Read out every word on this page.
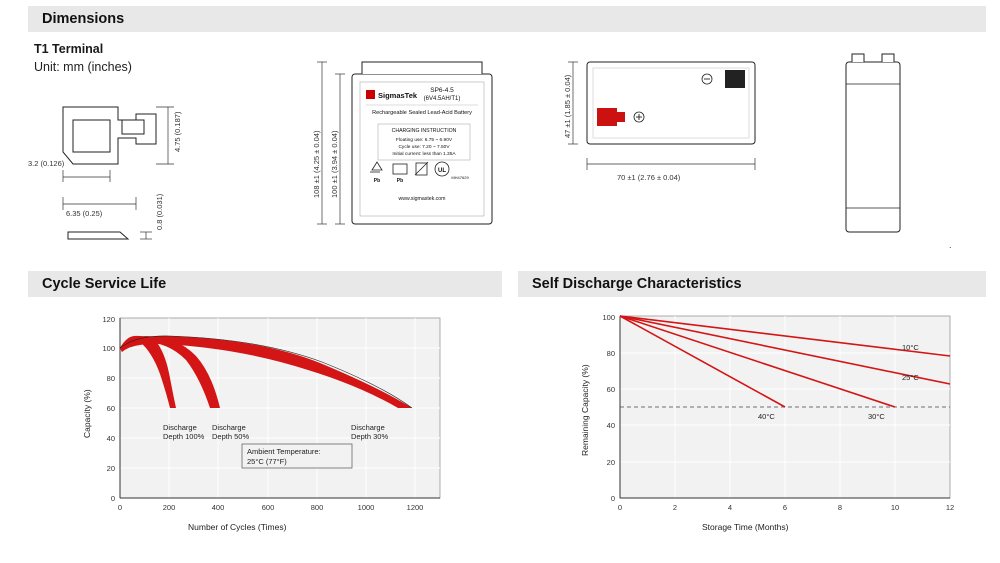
Dimensions
T1 Terminal
Unit: mm (inches)
4.75 (0.187)
3.2 (0.126)
6.35 (0.25)	0.8 (0.031)
108 ±1 (4.25 ± 0.04) 100 ±1 (3.94 ± 0.04)
SigmasTek
SP6-4.5
(6V4.5AH/T1)
Rechargeable Sealed Lead-Acid Battery
CHARGING INSTRUCTION
Floating use: 6.75 ~ 6.90V
Cycle use: 7.20 ~ 7.50V
Initial current: less than 1.35A
Pb	Pb
UL
MH47629
www.sigmastek.com
47 ±1 (1.85 ± 0.04)
70 ±1 (2.76 ± 0.04)
.
Cycle Service Life
0
20
40
60
80
100
120
0	200	400	600	800	1000	1200
Discharge
Depth 100%
Discharge
Depth 50%
Discharge
Depth 30%
Ambient Temperature:
25°C (77°F)
Capacity (%)
Number of Cycles (Times)
Self Discharge Characteristics
0
20
40
60
80
100
0	2	4	6	8	10	12
10°C
25°C
30°C
40°C
Remaining Capacity (%)
Storage Time (Months)
